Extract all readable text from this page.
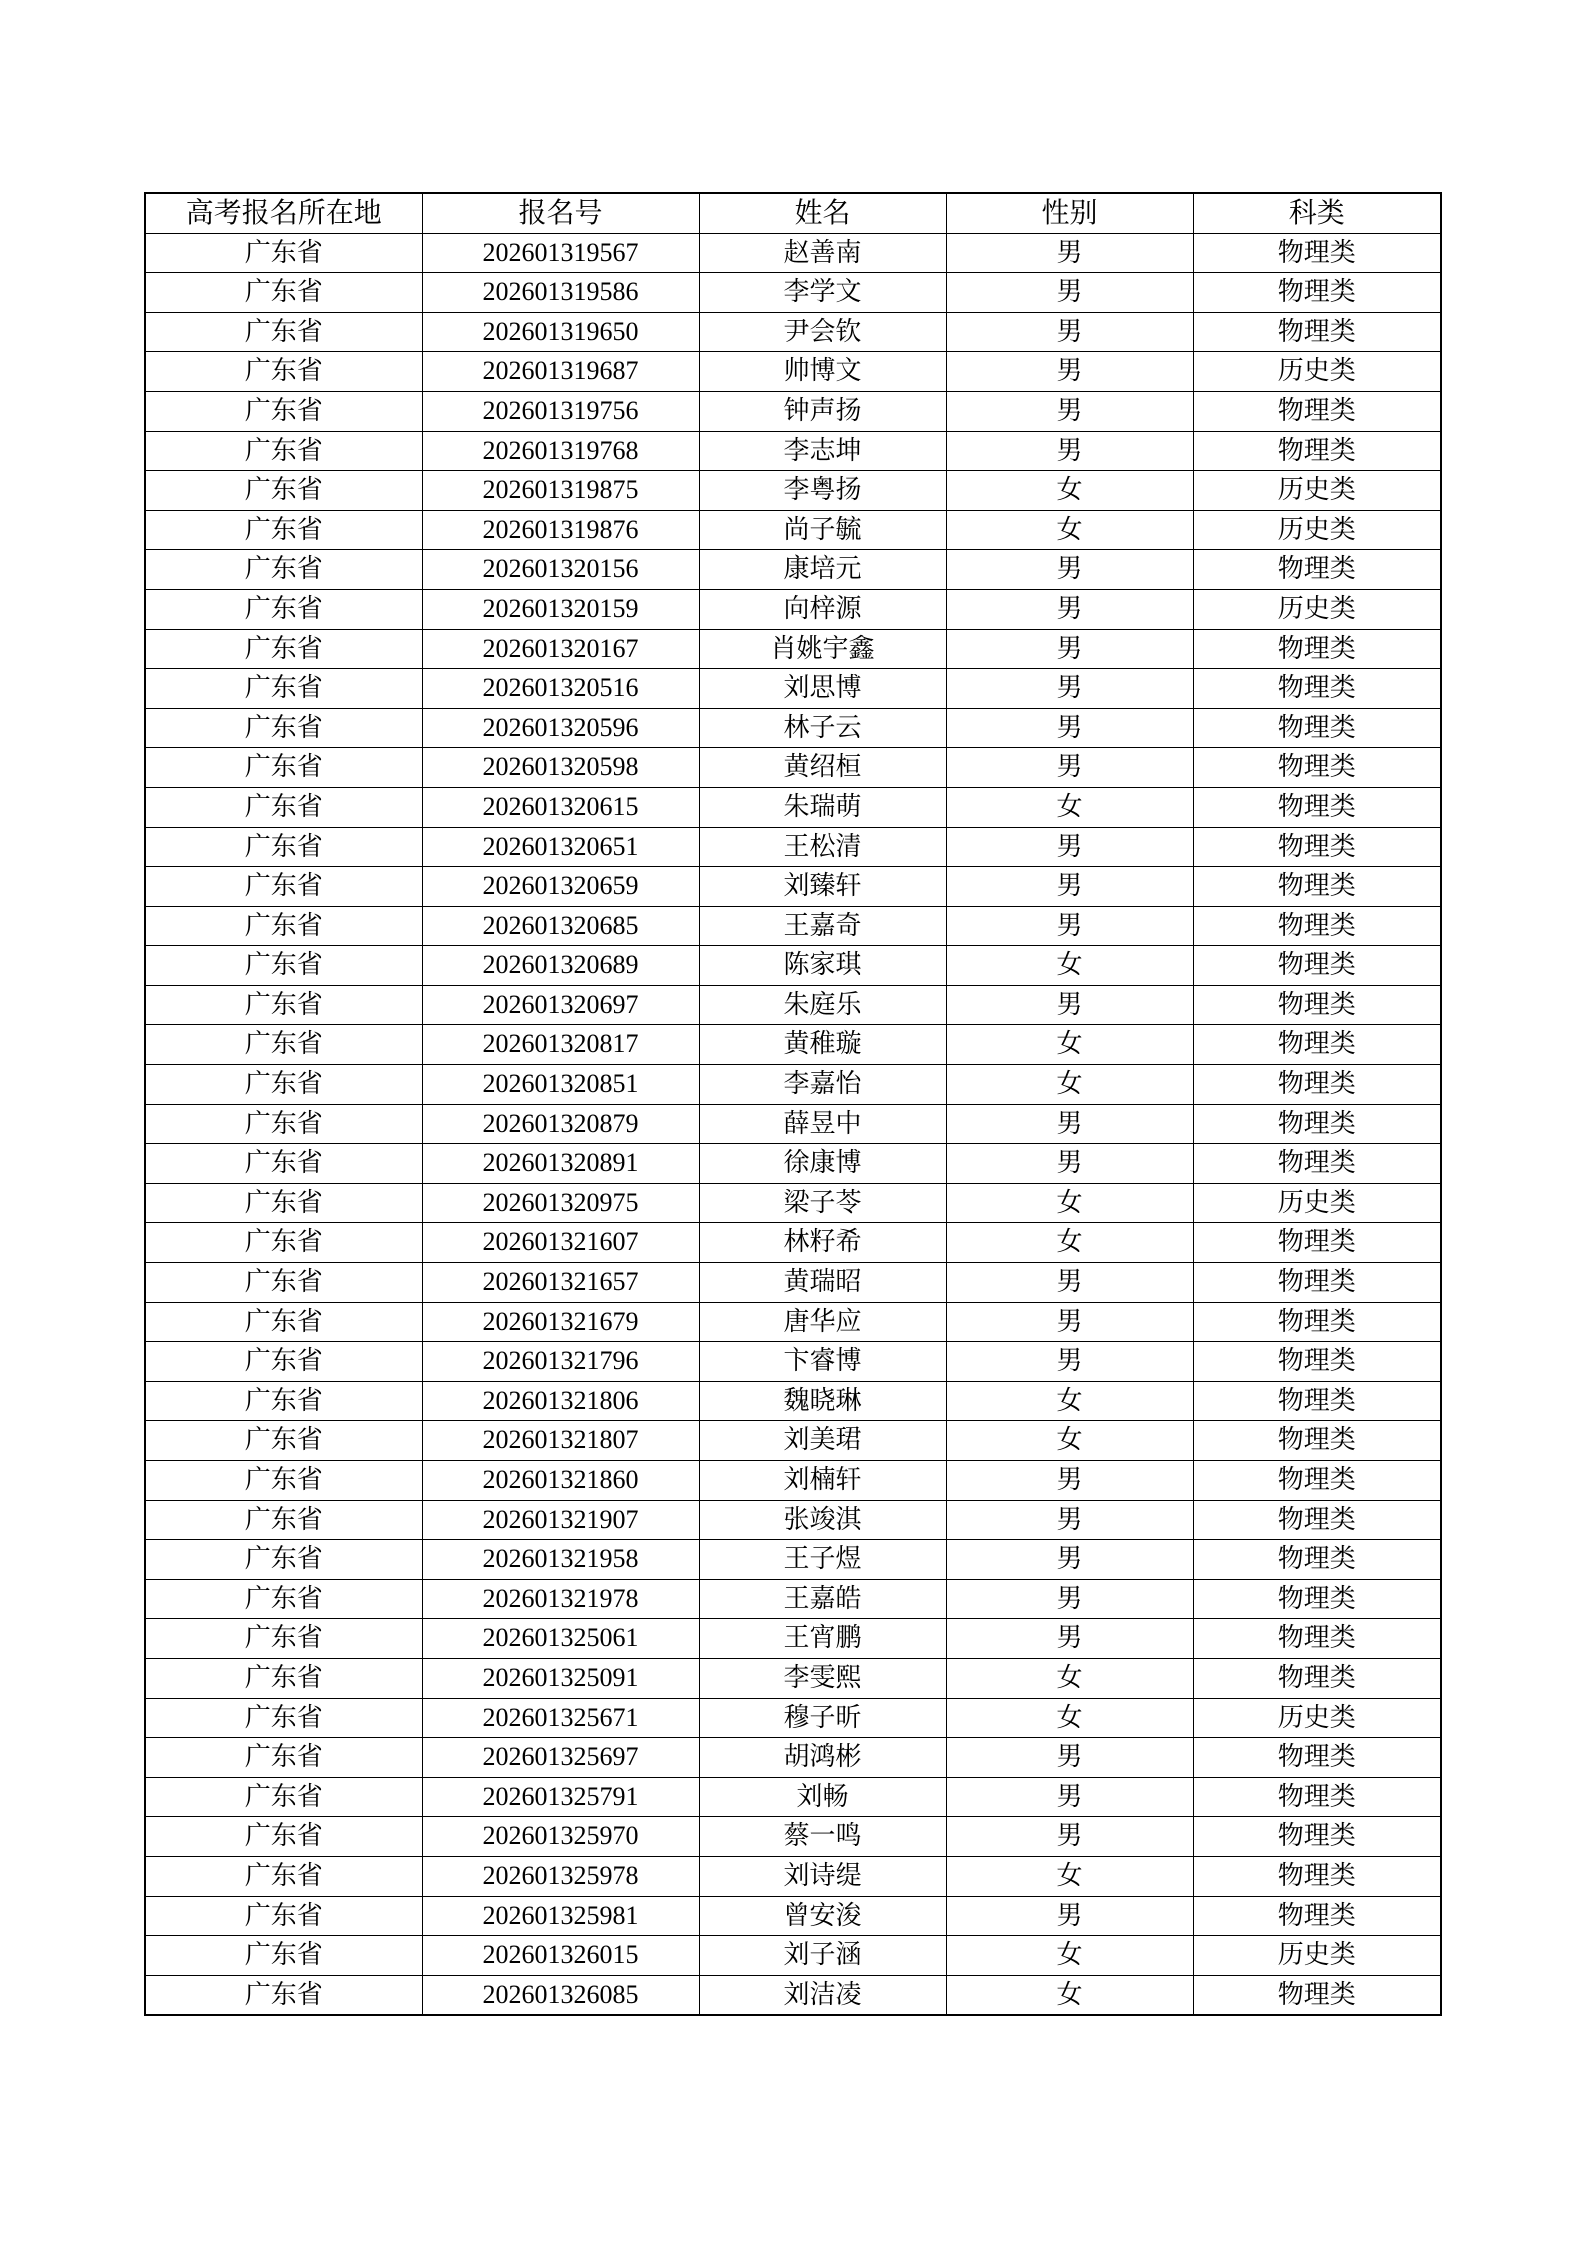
高考报名所在地	报名号	姓名	性别	科类
广东省	202601319567	赵善南	男	物理类
广东省	202601319586	李学文	男	物理类
广东省	202601319650	尹会钦	男	物理类
广东省	202601319687	帅博文	男	历史类
广东省	202601319756	钟声扬	男	物理类
广东省	202601319768	李志坤	男	物理类
广东省	202601319875	李粤扬	女	历史类
广东省	202601319876	尚子毓	女	历史类
广东省	202601320156	康培元	男	物理类
广东省	202601320159	向梓源	男	历史类
广东省	202601320167	肖姚宇鑫	男	物理类
广东省	202601320516	刘思博	男	物理类
广东省	202601320596	林子云	男	物理类
广东省	202601320598	黄绍桓	男	物理类
广东省	202601320615	朱瑞萌	女	物理类
广东省	202601320651	王松清	男	物理类
广东省	202601320659	刘臻轩	男	物理类
广东省	202601320685	王嘉奇	男	物理类
广东省	202601320689	陈家琪	女	物理类
广东省	202601320697	朱庭乐	男	物理类
广东省	202601320817	黄稚璇	女	物理类
广东省	202601320851	李嘉怡	女	物理类
广东省	202601320879	薛昱中	男	物理类
广东省	202601320891	徐康博	男	物理类
广东省	202601320975	梁子苓	女	历史类
广东省	202601321607	林籽希	女	物理类
广东省	202601321657	黄瑞昭	男	物理类
广东省	202601321679	唐华应	男	物理类
广东省	202601321796	卞睿博	男	物理类
广东省	202601321806	魏晓琳	女	物理类
广东省	202601321807	刘美珺	女	物理类
广东省	202601321860	刘楠轩	男	物理类
广东省	202601321907	张竣淇	男	物理类
广东省	202601321958	王子煜	男	物理类
广东省	202601321978	王嘉皓	男	物理类
广东省	202601325061	王宵鹏	男	物理类
广东省	202601325091	李雯熙	女	物理类
广东省	202601325671	穆子昕	女	历史类
广东省	202601325697	胡鸿彬	男	物理类
广东省	202601325791	刘畅	男	物理类
广东省	202601325970	蔡一鸣	男	物理类
广东省	202601325978	刘诗缇	女	物理类
广东省	202601325981	曾安浚	男	物理类
广东省	202601326015	刘子涵	女	历史类
广东省	202601326085	刘洁凌	女	物理类
